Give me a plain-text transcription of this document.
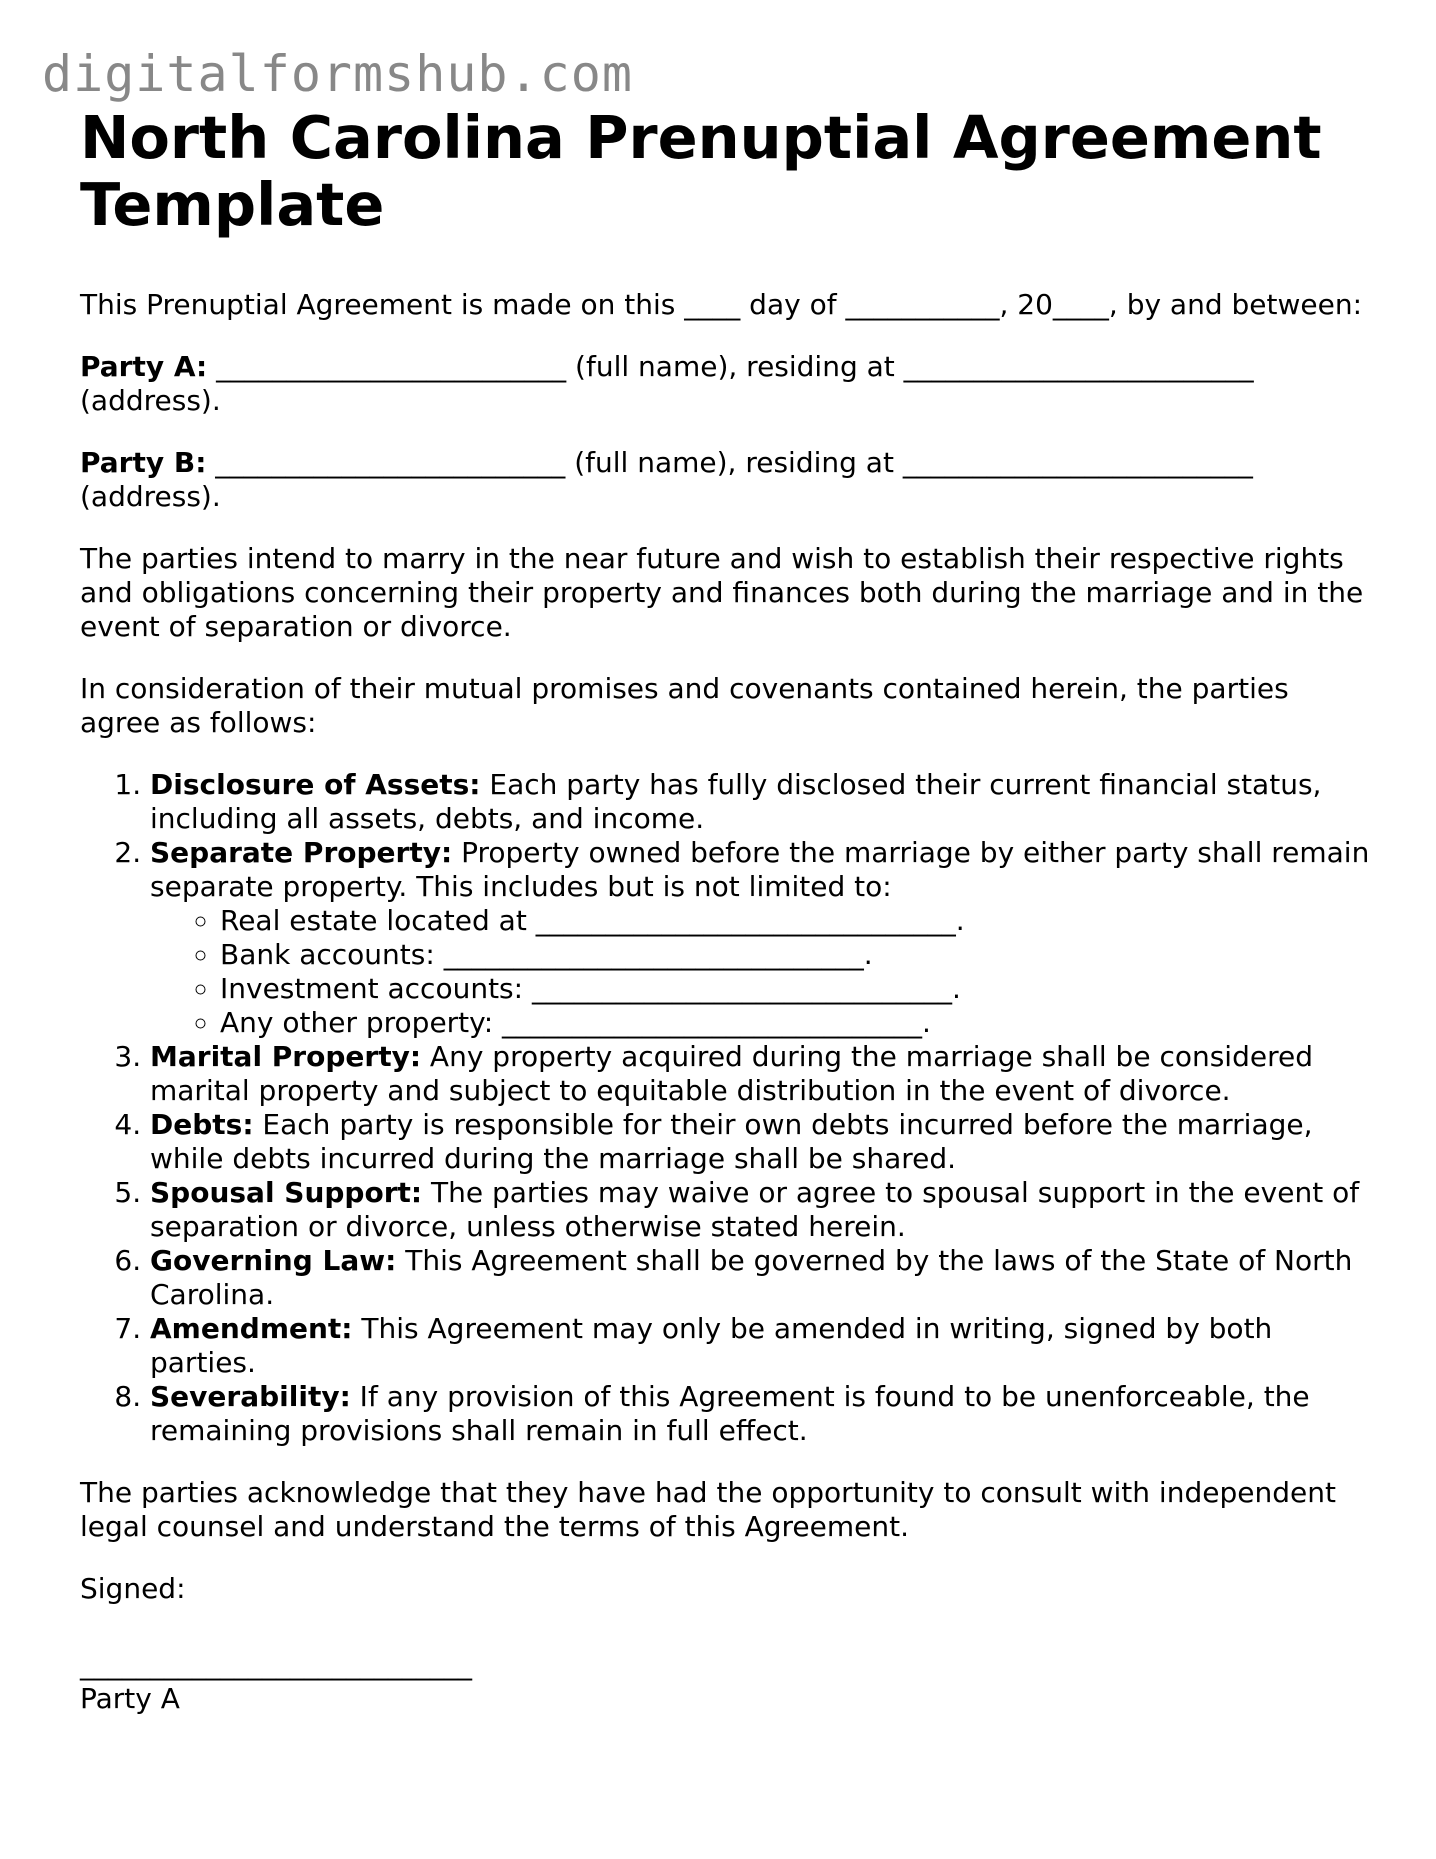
digitalformshub.com
North Carolina Prenuptial Agreement Template

This Prenuptial Agreement is made on this ____ day of ___________, 20____, by and between:

Party A: _________________________ (full name), residing at _________________________ (address).

Party B: _________________________ (full name), residing at _________________________ (address).

The parties intend to marry in the near future and wish to establish their respective rights and obligations concerning their property and finances both during the marriage and in the event of separation or divorce.

In consideration of their mutual promises and covenants contained herein, the parties agree as follows:

1. Disclosure of Assets: Each party has fully disclosed their current financial status, including all assets, debts, and income.
2. Separate Property: Property owned before the marriage by either party shall remain separate property. This includes but is not limited to:
◦ Real estate located at ______________________________.
◦ Bank accounts: ______________________________.
◦ Investment accounts: ______________________________.
◦ Any other property: ______________________________.
3. Marital Property: Any property acquired during the marriage shall be considered marital property and subject to equitable distribution in the event of divorce.
4. Debts: Each party is responsible for their own debts incurred before the marriage, while debts incurred during the marriage shall be shared.
5. Spousal Support: The parties may waive or agree to spousal support in the event of separation or divorce, unless otherwise stated herein.
6. Governing Law: This Agreement shall be governed by the laws of the State of North Carolina.
7. Amendment: This Agreement may only be amended in writing, signed by both parties.
8. Severability: If any provision of this Agreement is found to be unenforceable, the remaining provisions shall remain in full effect.

The parties acknowledge that they have had the opportunity to consult with independent legal counsel and understand the terms of this Agreement.

Signed:

____________________________

Party A
